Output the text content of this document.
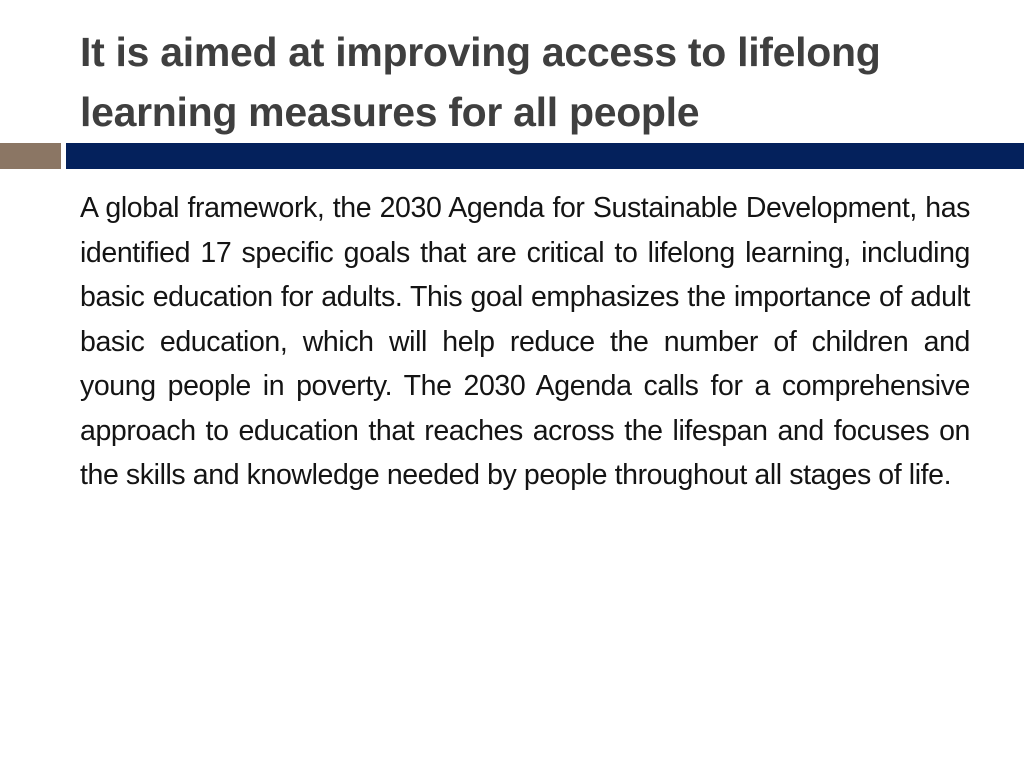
It is aimed at improving access to lifelong learning measures for all people

A global framework, the 2030 Agenda for Sustainable Development, has identified 17 specific goals that are critical to lifelong learning, including basic education for adults. This goal emphasizes the importance of adult basic education, which will help reduce the number of children and young people in poverty. The 2030 Agenda calls for a comprehensive approach to education that reaches across the lifespan and focuses on the skills and knowledge needed by people throughout all stages of life.
